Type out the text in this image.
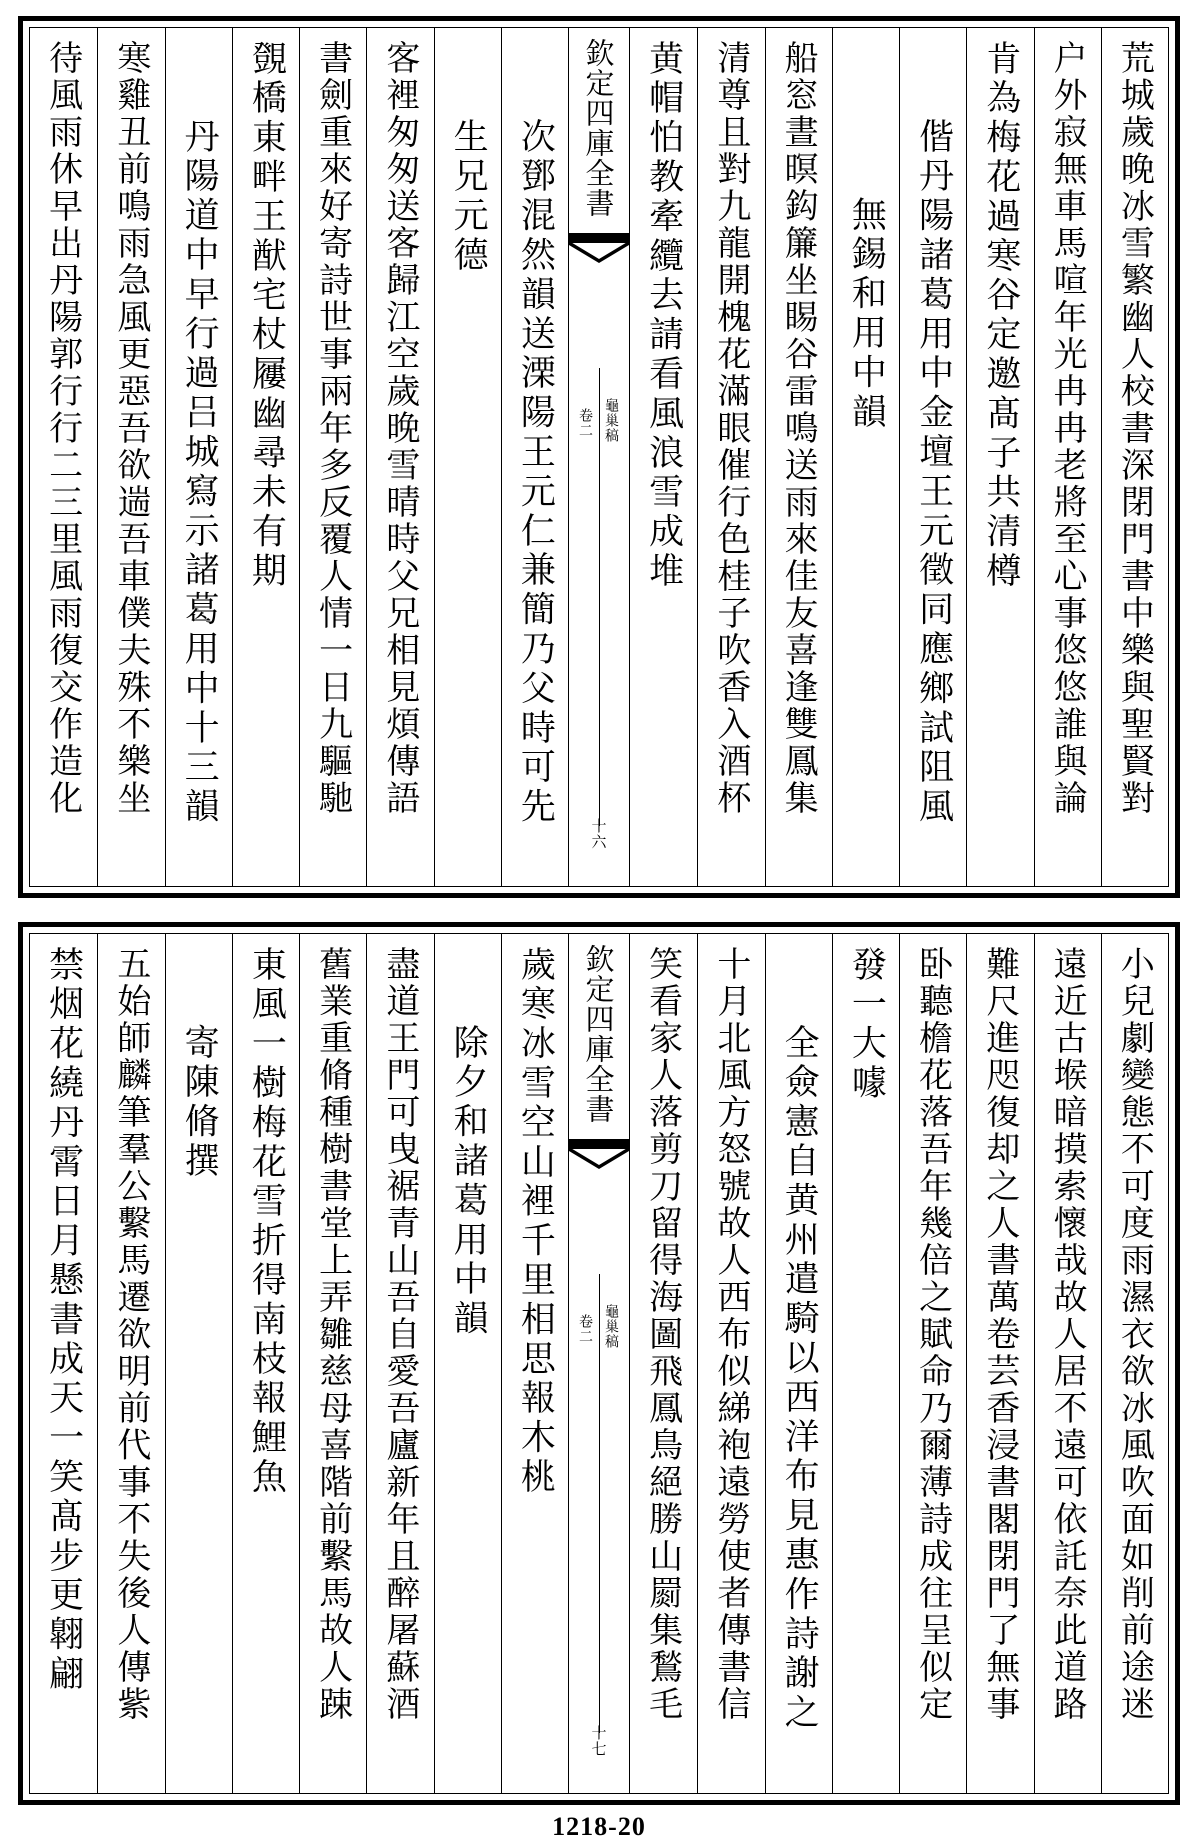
荒城歲晚冰雪繁幽人校書深閉門書中樂與聖賢對
户外寂無車馬喧年光冉冉老將至心事悠悠誰與論
肯為梅花過寒谷定邀髙子共清樽
偕丹陽諸葛用中金壇王元徵同應鄉試阻風
無錫和用中韻
船窓晝暝鈎簾坐睗谷雷鳴送雨來佳友喜逢雙鳳集
清尊且對九龍開槐花滿眼催行色桂子吹香入酒杯
黄帽怕教牽纜去請看風浪雪成堆
欽定四庫全書
龜巢稿
卷二
十六
次鄧混然韻送溧陽王元仁兼簡乃父時可先
生兄元德
客裡匆匆送客歸江空歲晚雪晴時父兄相見煩傳語
書劍重來好寄詩世事兩年多反覆人情一日九驅馳
覴橋東畔王猷宅杖屨幽尋未有期
丹陽道中早行過吕城寫示諸葛用中十三韻
寒雞丑前鳴雨急風更惡吾欲遄吾車僕夫殊不樂坐
待風雨休早出丹陽郭行行二三里風雨復交作造化
小兒劇變態不可度雨濕衣欲冰風吹面如削前途迷
遠近古堠暗摸索懷哉故人居不遠可依託奈此道路
難尺進咫復却之人書萬卷芸香浸書閣閉門了無事
卧聽檐花落吾年幾倍之賦命乃爾薄詩成往呈似定
發一大噱
全僉憲自黄州遣騎以西洋布見惠作詩謝之
十月北風方怒號故人西布似綈袍遠勞使者傳書信
笑看家人落剪刀留得海圖飛鳳鳥絕勝山罽集鶖毛
欽定四庫全書
龜巢稿
卷二
十七
歲寒冰雪空山裡千里相思報木桃
除夕和諸葛用中韻
盡道王門可曳裾青山吾自愛吾廬新年且醉屠蘇酒
舊業重脩種樹書堂上弄雛慈母喜階前繫馬故人踈
東風一樹梅花雪折得南枝報鯉魚
寄陳脩撰
五始師麟筆羣公繫馬遷欲明前代事不失後人傳紫
禁烟花繞丹霄日月懸書成天一笑髙步更翺翩
1218-20
